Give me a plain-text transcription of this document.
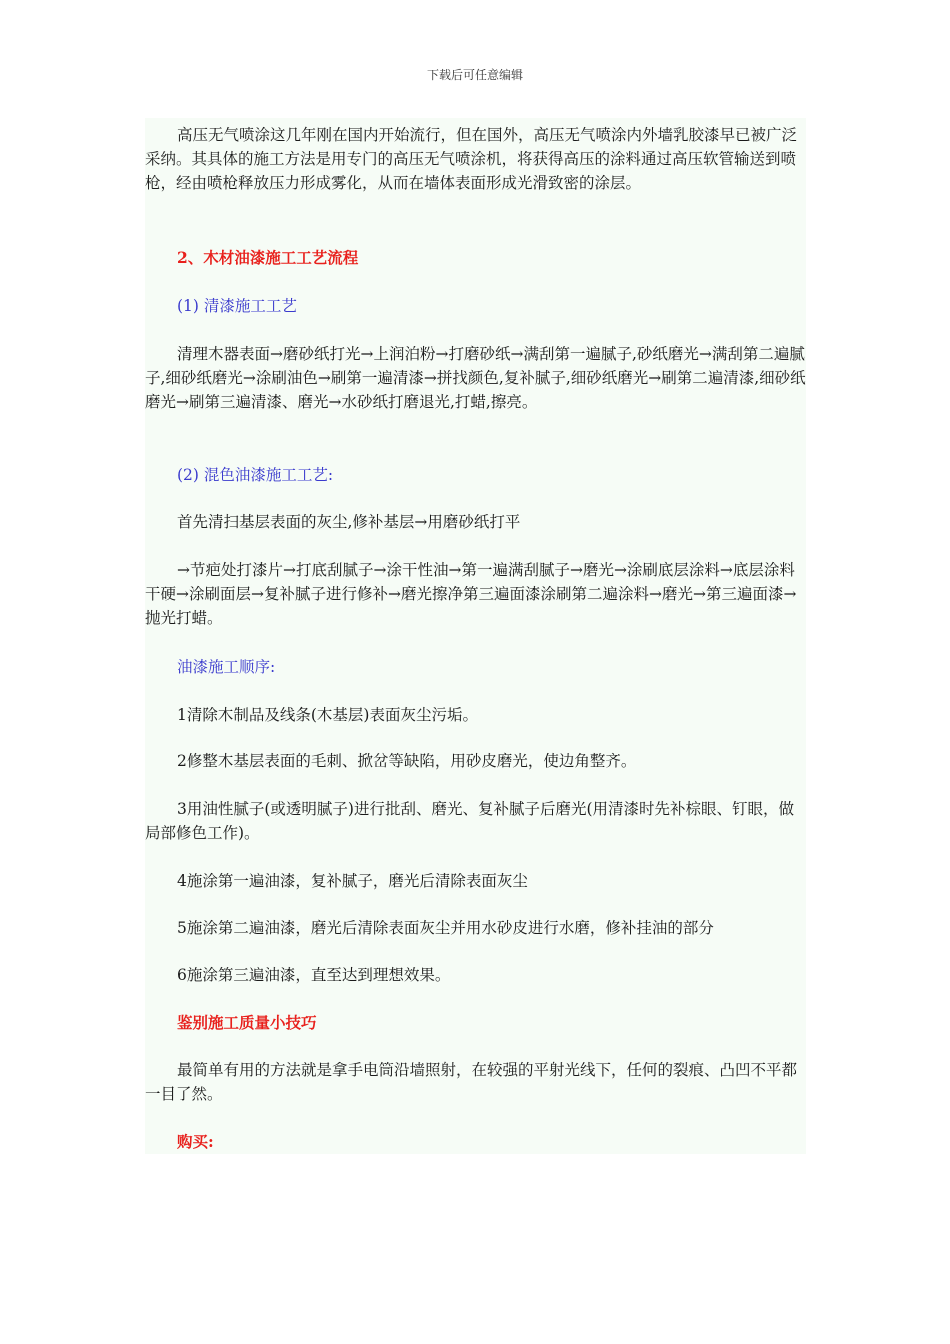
下载后可任意编辑

高压无气喷涂这几年刚在国内开始流行，但在国外，高压无气喷涂内外墙乳胶漆早已被广泛采纳。其具体的施工方法是用专门的高压无气喷涂机，将获得高压的涂料通过高压软管输送到喷枪，经由喷枪释放压力形成雾化，从而在墙体表面形成光滑致密的涂层。

2、木材油漆施工工艺流程

(1) 清漆施工工艺

清理木器表面→磨砂纸打光→上润泊粉→打磨砂纸→满刮第一遍腻子,砂纸磨光→满刮第二遍腻子,细砂纸磨光→涂刷油色→刷第一遍清漆→拼找颜色,复补腻子,细砂纸磨光→刷第二遍清漆,细砂纸磨光→刷第三遍清漆、磨光→水砂纸打磨退光,打蜡,擦亮。

(2) 混色油漆施工工艺:

首先清扫基层表面的灰尘,修补基层→用磨砂纸打平

→节疤处打漆片→打底刮腻子→涂干性油→第一遍满刮腻子→磨光→涂刷底层涂料→底层涂料干硬→涂刷面层→复补腻子进行修补→磨光擦净第三遍面漆涂刷第二遍涂料→磨光→第三遍面漆→抛光打蜡。

油漆施工顺序:

1清除木制品及线条(木基层)表面灰尘污垢。

2修整木基层表面的毛刺、掀岔等缺陷，用砂皮磨光，使边角整齐。

3用油性腻子(或透明腻子)进行批刮、磨光、复补腻子后磨光(用清漆时先补棕眼、钉眼，做局部修色工作)。

4施涂第一遍油漆，复补腻子，磨光后清除表面灰尘

5施涂第二遍油漆，磨光后清除表面灰尘并用水砂皮进行水磨，修补挂油的部分

6施涂第三遍油漆，直至达到理想效果。

鉴别施工质量小技巧

最简单有用的方法就是拿手电筒沿墙照射，在较强的平射光线下，任何的裂痕、凸凹不平都一目了然。

购买:
